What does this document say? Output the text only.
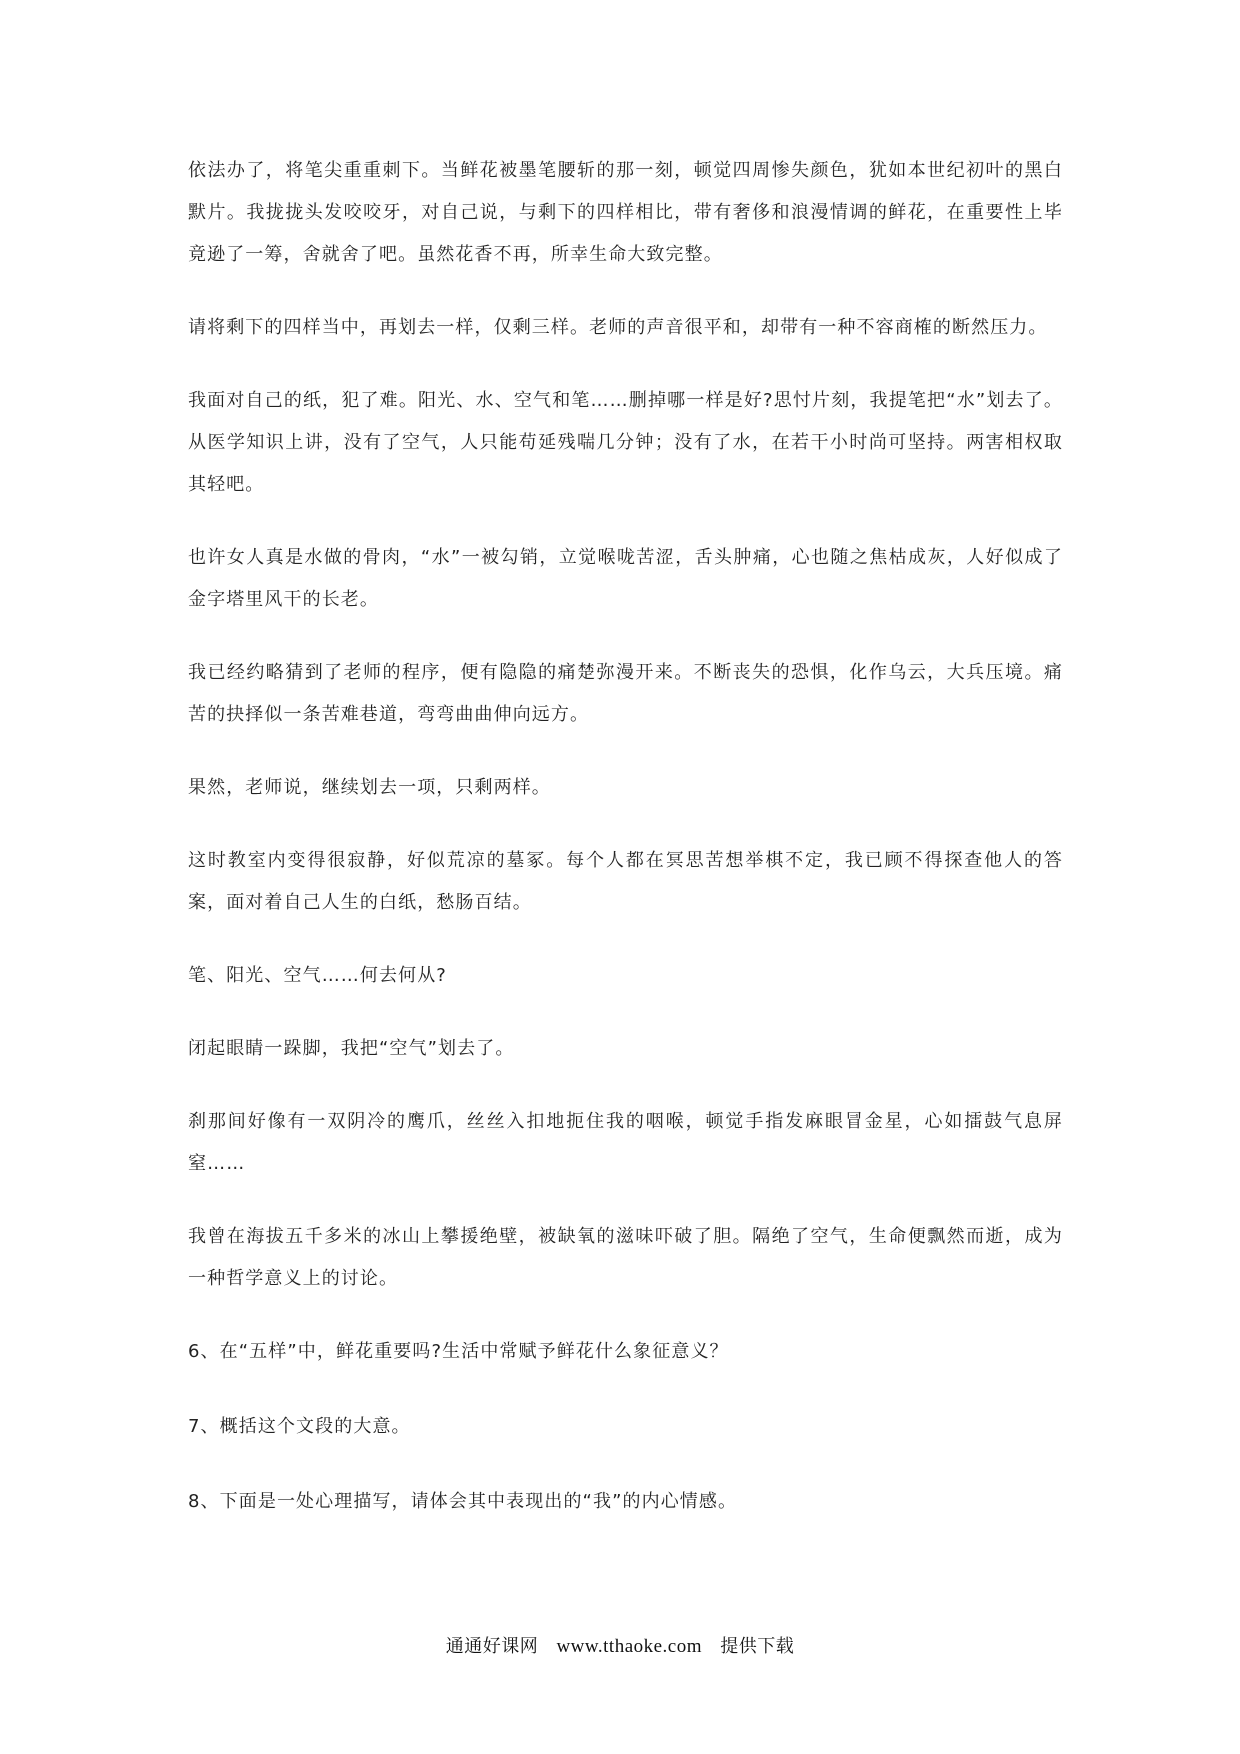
依法办了，将笔尖重重刺下。当鲜花被墨笔腰斩的那一刻，顿觉四周惨失颜色，犹如本世纪初叶的黑白默片。我拢拢头发咬咬牙，对自己说，与剩下的四样相比，带有奢侈和浪漫情调的鲜花，在重要性上毕竟逊了一筹，舍就舍了吧。虽然花香不再，所幸生命大致完整。

请将剩下的四样当中，再划去一样，仅剩三样。老师的声音很平和，却带有一种不容商榷的断然压力。

我面对自己的纸，犯了难。阳光、水、空气和笔……删掉哪一样是好?思忖片刻，我提笔把“水”划去了。从医学知识上讲，没有了空气，人只能苟延残喘几分钟；没有了水，在若干小时尚可坚持。两害相权取其轻吧。

也许女人真是水做的骨肉，“水”一被勾销，立觉喉咙苦涩，舌头肿痛，心也随之焦枯成灰，人好似成了金字塔里风干的长老。

我已经约略猜到了老师的程序，便有隐隐的痛楚弥漫开来。不断丧失的恐惧，化作乌云，大兵压境。痛苦的抉择似一条苦难巷道，弯弯曲曲伸向远方。

果然，老师说，继续划去一项，只剩两样。

这时教室内变得很寂静，好似荒凉的墓冢。每个人都在冥思苦想举棋不定，我已顾不得探查他人的答案，面对着自己人生的白纸，愁肠百结。

笔、阳光、空气……何去何从?

闭起眼睛一跺脚，我把“空气”划去了。

刹那间好像有一双阴冷的鹰爪，丝丝入扣地扼住我的咽喉，顿觉手指发麻眼冒金星，心如擂鼓气息屏窒……

我曾在海拔五千多米的冰山上攀援绝壁，被缺氧的滋味吓破了胆。隔绝了空气，生命便飘然而逝，成为一种哲学意义上的讨论。

6、在“五样”中，鲜花重要吗?生活中常赋予鲜花什么象征意义？

7、概括这个文段的大意。

8、下面是一处心理描写，请体会其中表现出的“我”的内心情感。

通通好课网 www.tthaoke.com 提供下载
